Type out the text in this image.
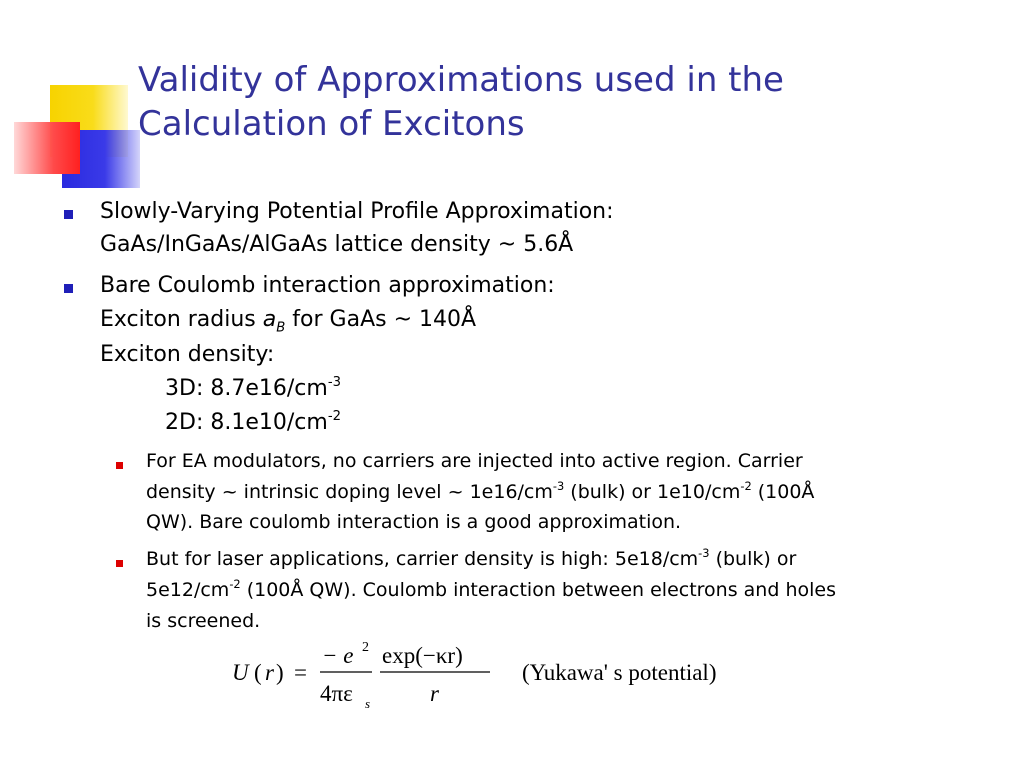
Validity of Approximations used in the
Calculation of Excitons
Slowly-Varying Potential Profile Approximation:
GaAs/InGaAs/AlGaAs lattice density ~ 5.6Å
Bare Coulomb interaction approximation:
Exciton radius $a_B$ for GaAs ~ 140Å
Exciton density:
3D: $8.7e16/cm^{-3}$
2D: $8.1e10/cm^{-2}$
For EA modulators, no carriers are injected into active region. Carrier
density ~ intrinsic doping level ~ $1e16/cm^{-3}$ (bulk) or $1e10/cm^{-2}$ (100Å
QW). Bare coulomb interaction is a good approximation.
But for laser applications, carrier density is high: $5e18/cm^{-3}$ (bulk) or
$5e12/cm^{-2}$ (100Å QW). Coulomb interaction between electrons and holes
is screened.
U ( r ) =
− e 2
4πε s
exp(−κr)
r
(Yukawa' s potential)
